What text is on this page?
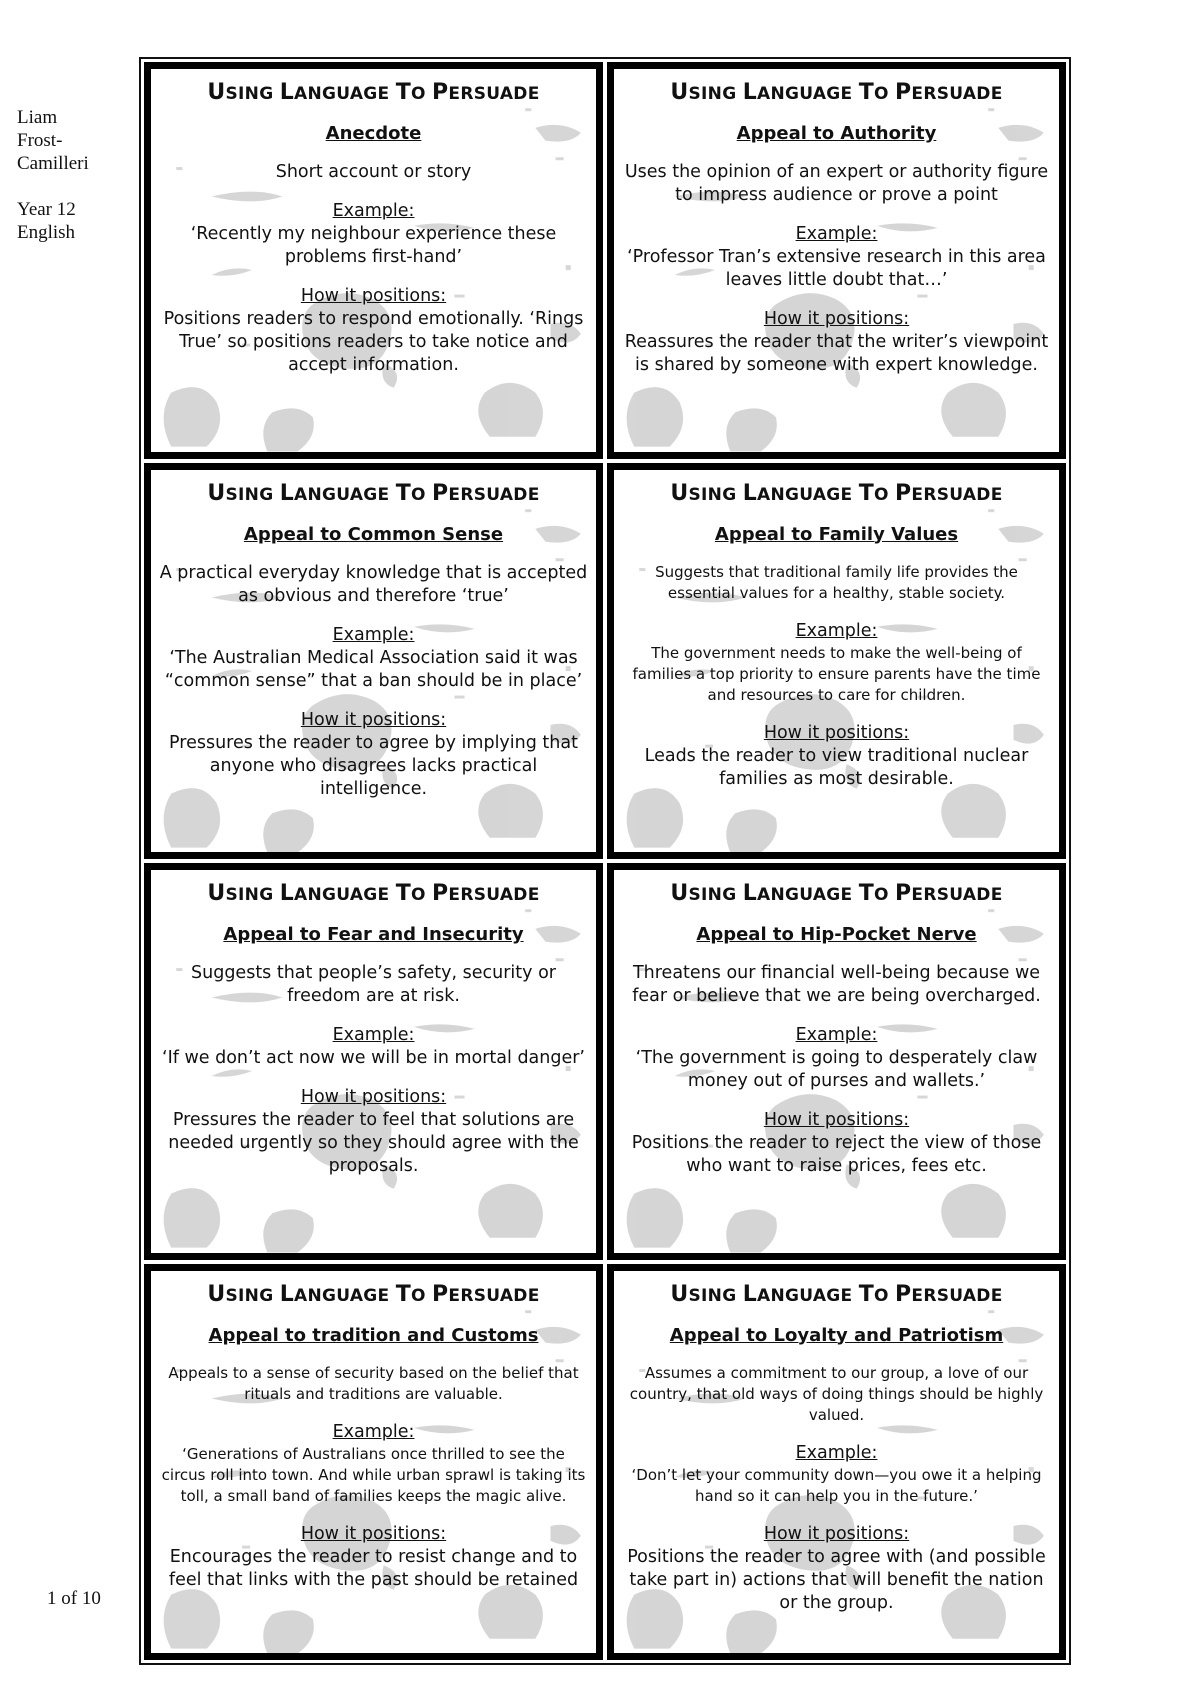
Liam
Frost-
Camilleri
Year 12
English
1 of 10
USING LANGUAGE TO PERSUADE
Anecdote
Short account or story
Example:
‘Recently my neighbour experience these problems first-hand’
How it positions:
Positions readers to respond emotionally. ‘Rings True’ so positions readers to take notice and accept information.
USING LANGUAGE TO PERSUADE
Appeal to Authority
Uses the opinion of an expert or authority figure to impress audience or prove a point
Example:
‘Professor Tran’s extensive research in this area leaves little doubt that…’
How it positions:
Reassures the reader that the writer’s viewpoint is shared by someone with expert knowledge.
USING LANGUAGE TO PERSUADE
Appeal to Common Sense
A practical everyday knowledge that is accepted as obvious and therefore ‘true’
Example:
‘The Australian Medical Association said it was “common sense” that a ban should be in place’
How it positions:
Pressures the reader to agree by implying that anyone who disagrees lacks practical intelligence.
USING LANGUAGE TO PERSUADE
Appeal to Family Values
Suggests that traditional family life provides the essential values for a healthy, stable society.
Example:
The government needs to make the well-being of families a top priority to ensure parents have the time and resources to care for children.
How it positions:
Leads the reader to view traditional nuclear families as most desirable.
USING LANGUAGE TO PERSUADE
Appeal to Fear and Insecurity
Suggests that people’s safety, security or freedom are at risk.
Example:
‘If we don’t act now we will be in mortal danger’
How it positions:
Pressures the reader to feel that solutions are needed urgently so they should agree with the proposals.
USING LANGUAGE TO PERSUADE
Appeal to Hip-Pocket Nerve
Threatens our financial well-being because we fear or believe that we are being overcharged.
Example:
‘The government is going to desperately claw money out of purses and wallets.’
How it positions:
Positions the reader to reject the view of those who want to raise prices, fees etc.
USING LANGUAGE TO PERSUADE
Appeal to tradition and Customs
Appeals to a sense of security based on the belief that rituals and traditions are valuable.
Example:
‘Generations of Australians once thrilled to see the circus roll into town. And while urban sprawl is taking its toll, a small band of families keeps the magic alive.
How it positions:
Encourages the reader to resist change and to feel that links with the past should be retained
USING LANGUAGE TO PERSUADE
Appeal to Loyalty and Patriotism
Assumes a commitment to our group, a love of our country, that old ways of doing things should be highly valued.
Example:
‘Don’t let your community down—you owe it a helping hand so it can help you in the future.’
How it positions:
Positions the reader to agree with (and possible take part in) actions that will benefit the nation or the group.
